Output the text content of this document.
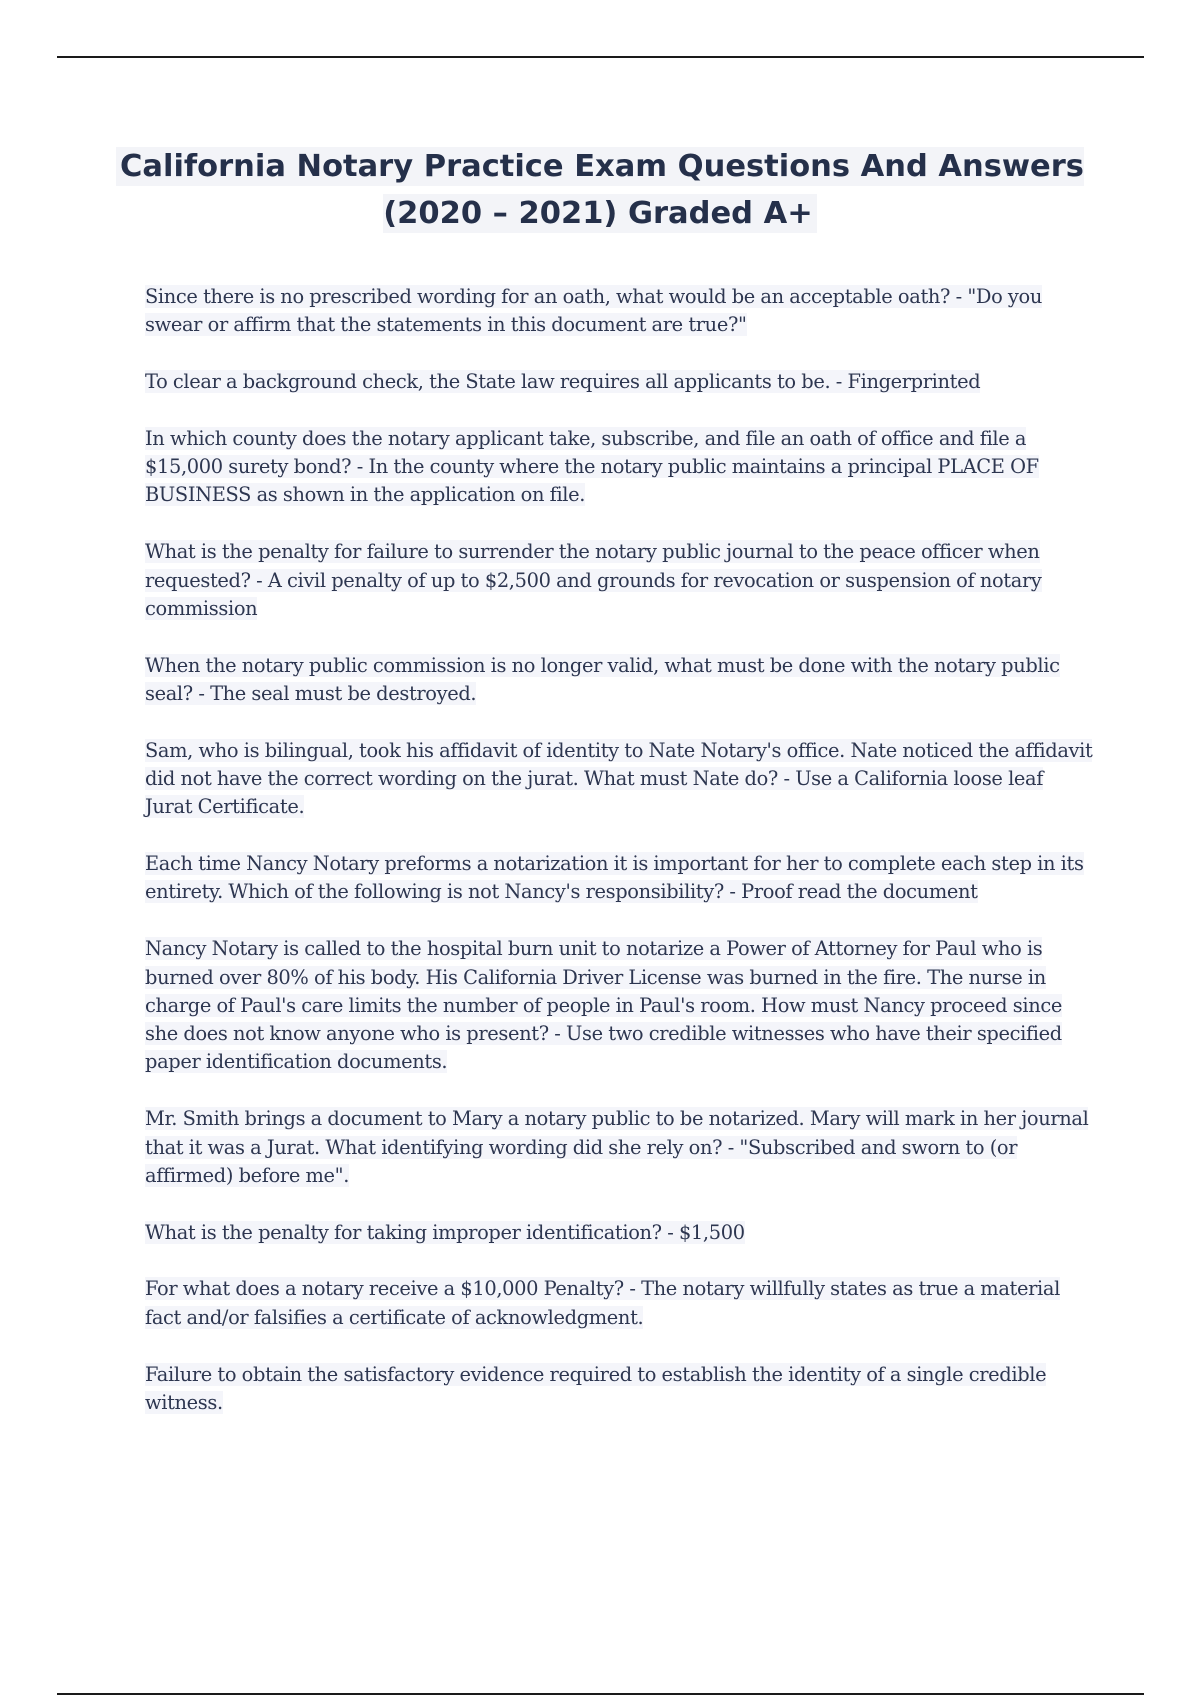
California Notary Practice Exam Questions And Answers (2020 – 2021) Graded A+
Since there is no prescribed wording for an oath, what would be an acceptable oath? - "Do you swear or affirm that the statements in this document are true?"
To clear a background check, the State law requires all applicants to be. - Fingerprinted
In which county does the notary applicant take, subscribe, and file an oath of office and file a $15,000 surety bond? - In the county where the notary public maintains a principal PLACE OF BUSINESS as shown in the application on file.
What is the penalty for failure to surrender the notary public journal to the peace officer when requested? - A civil penalty of up to $2,500 and grounds for revocation or suspension of notary commission
When the notary public commission is no longer valid, what must be done with the notary public seal? - The seal must be destroyed.
Sam, who is bilingual, took his affidavit of identity to Nate Notary's office. Nate noticed the affidavit did not have the correct wording on the jurat. What must Nate do? - Use a California loose leaf Jurat Certificate.
Each time Nancy Notary preforms a notarization it is important for her to complete each step in its entirety. Which of the following is not Nancy's responsibility? - Proof read the document
Nancy Notary is called to the hospital burn unit to notarize a Power of Attorney for Paul who is burned over 80% of his body. His California Driver License was burned in the fire. The nurse in charge of Paul's care limits the number of people in Paul's room. How must Nancy proceed since she does not know anyone who is present? - Use two credible witnesses who have their specified paper identification documents.
Mr. Smith brings a document to Mary a notary public to be notarized. Mary will mark in her journal that it was a Jurat. What identifying wording did she rely on? - "Subscribed and sworn to (or affirmed) before me".
What is the penalty for taking improper identification? - $1,500
For what does a notary receive a $10,000 Penalty? - The notary willfully states as true a material fact and/or falsifies a certificate of acknowledgment.
Failure to obtain the satisfactory evidence required to establish the identity of a single credible witness.
